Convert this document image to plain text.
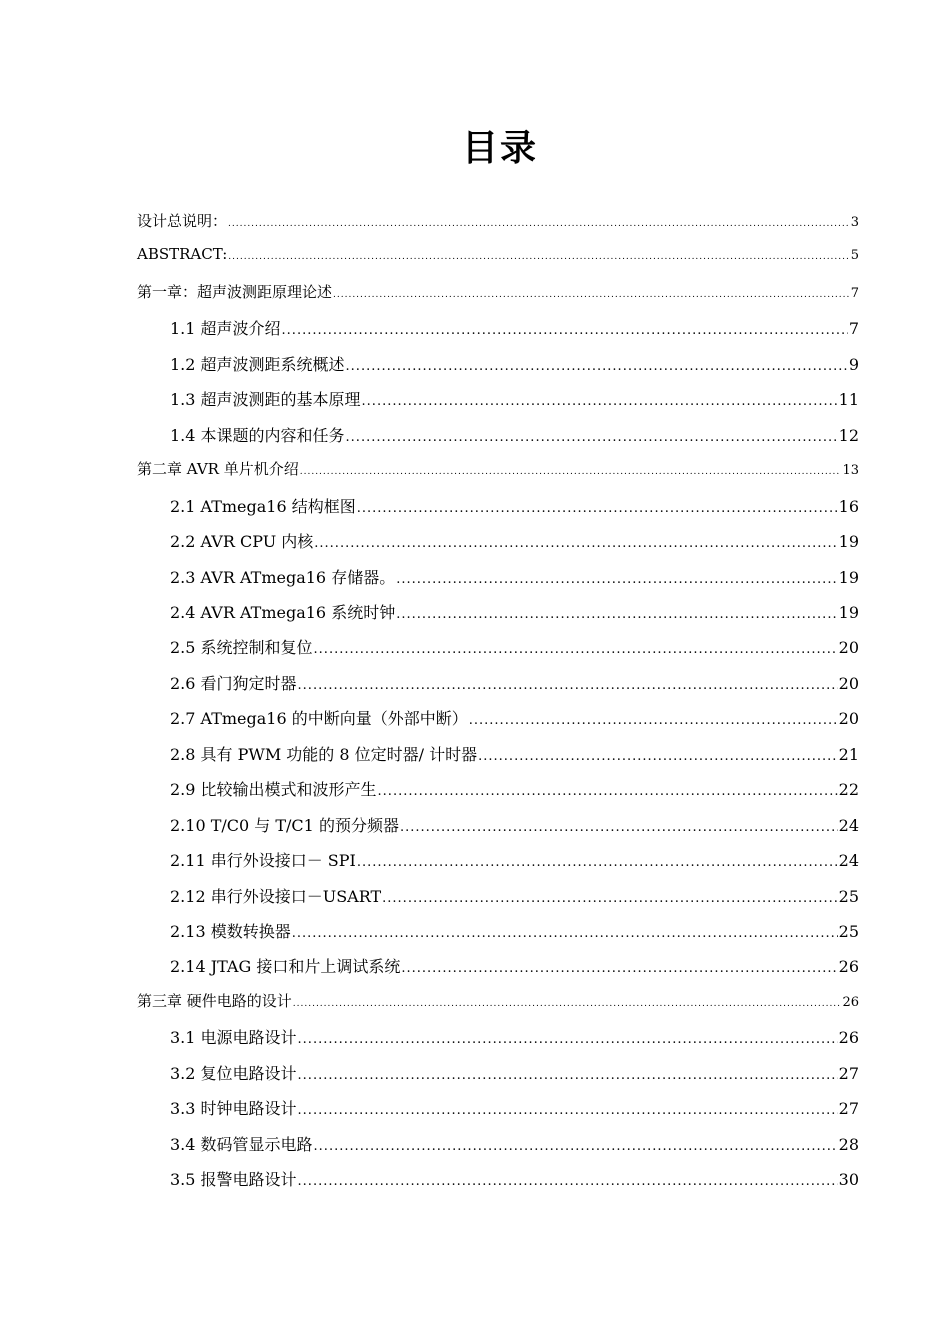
目录
设计总说明： .....	3
ABSTRACT: .....	5
第一章：超声波测距原理论述 .....	7
1.1 超声波介绍 .....	7
1.2 超声波测距系统概述 .....	9
1.3 超声波测距的基本原理 .....	11
1.4 本课题的内容和任务 .....	12
第二章 AVR 单片机介绍 .....	13
2.1 ATmega16 结构框图 .....	16
2.2 AVR CPU 内核 .....	19
2.3 AVR ATmega16 存储器。 .....	19
2.4 AVR ATmega16 系统时钟 .....	19
2.5 系统控制和复位 .....	20
2.6 看门狗定时器 .....	20
2.7 ATmega16 的中断向量（外部中断） .....	20
2.8 具有 PWM 功能的 8 位定时器/ 计时器 .....	21
2.9 比较输出模式和波形产生 .....	22
2.10 T/C0 与 T/C1 的预分频器 .....	24
2.11 串行外设接口－ SPI .....	24
2.12 串行外设接口－USART .....	25
2.13 模数转换器 .....	25
2.14 JTAG 接口和片上调试系统 .....	26
第三章 硬件电路的设计 .....	26
3.1 电源电路设计 .....	26
3.2 复位电路设计 .....	27
3.3 时钟电路设计 .....	27
3.4 数码管显示电路 .....	28
3.5 报警电路设计 .....	30
